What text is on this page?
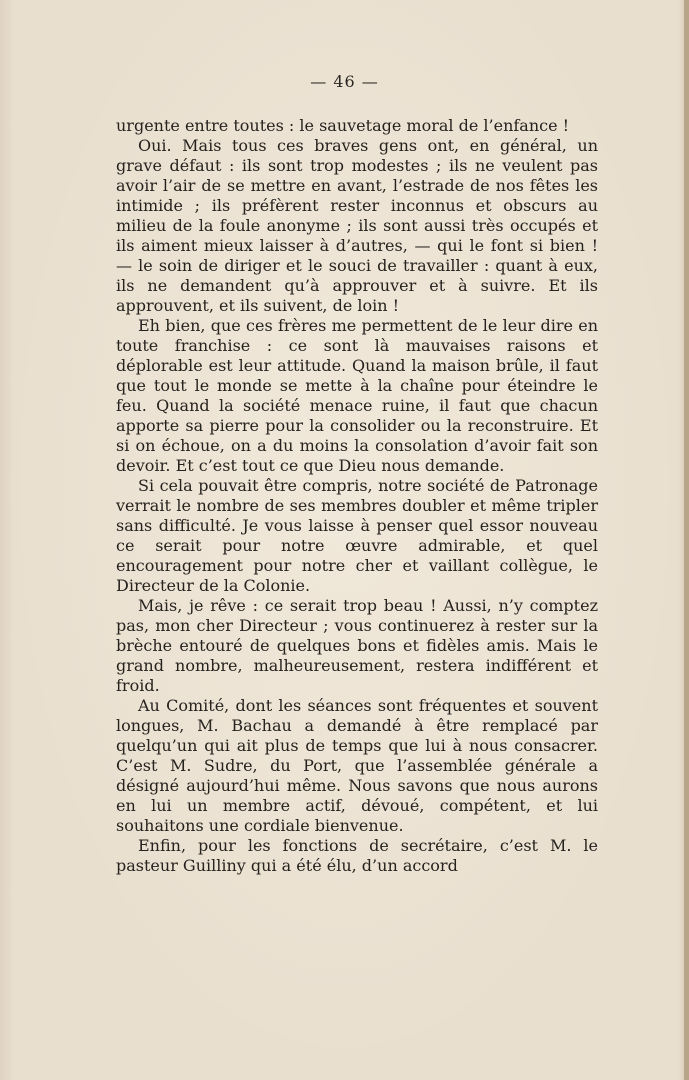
— 46 —

urgente entre toutes : le sauvetage moral de l’enfance !

Oui. Mais tous ces braves gens ont, en général, un grave défaut : ils sont trop modestes ; ils ne veulent pas avoir l’air de se mettre en avant, l’estrade de nos fêtes les intimide ; ils préfèrent rester inconnus et obscurs au milieu de la foule anonyme ; ils sont aussi très occupés et ils aiment mieux laisser à d’autres, — qui le font si bien ! — le soin de diriger et le souci de travailler : quant à eux, ils ne demandent qu’à approuver et à suivre. Et ils approuvent, et ils suivent, de loin !

Eh bien, que ces frères me permettent de le leur dire en toute franchise : ce sont là mauvaises raisons et déplorable est leur attitude. Quand la maison brûle, il faut que tout le monde se mette à la chaîne pour éteindre le feu. Quand la société menace ruine, il faut que chacun apporte sa pierre pour la consolider ou la reconstruire. Et si on échoue, on a du moins la consolation d’avoir fait son devoir. Et c’est tout ce que Dieu nous demande.

Si cela pouvait être compris, notre société de Patronage verrait le nombre de ses membres doubler et même tripler sans difficulté. Je vous laisse à penser quel essor nouveau ce serait pour notre œuvre admirable, et quel encouragement pour notre cher et vaillant collègue, le Directeur de la Colonie.

Mais, je rêve : ce serait trop beau ! Aussi, n’y comptez pas, mon cher Directeur ; vous continuerez à rester sur la brèche entouré de quelques bons et fidèles amis. Mais le grand nombre, malheureusement, restera indifférent et froid.

Au Comité, dont les séances sont fréquentes et souvent longues, M. Bachau a demandé à être remplacé par quelqu’un qui ait plus de temps que lui à nous consacrer. C’est M. Sudre, du Port, que l’assemblée générale a désigné aujourd’hui même. Nous savons que nous aurons en lui un membre actif, dévoué, compétent, et lui souhaitons une cordiale bienvenue.

Enfin, pour les fonctions de secrétaire, c’est M. le pasteur Guilliny qui a été élu, d’un accord
